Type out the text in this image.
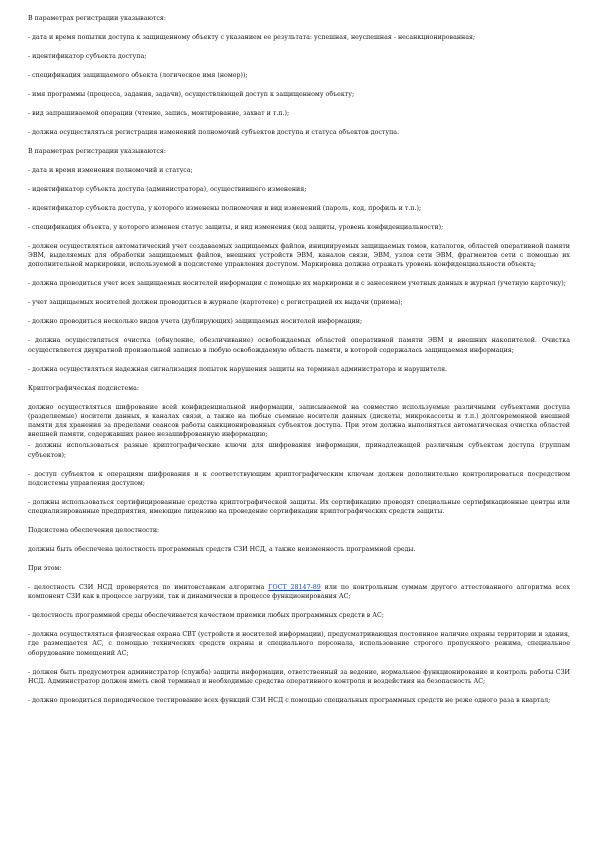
В параметрах регистрации указываются:

- дата и время попытки доступа к защищенному объекту с указанием ее результата: успешная, неуспешная - несанкционированная;

- идентификатор субъекта доступа;

- спецификация защищаемого объекта (логическое имя (номер));

- имя программы (процесса, задания, задачи), осуществляющей доступ к защищенному объекту;

- вид запрашиваемой операции (чтение, запись, монтирование, захват и т.п.);

- должна осуществляться регистрация изменений полномочий субъектов доступа и статуса объектов доступа.

В параметрах регистрации указываются:

- дата и время изменения полномочий и статуса;

- идентификатор субъекта доступа (администратора), осуществившего изменения;

- идентификатор субъекта доступа, у которого изменены полномочия и вид изменений (пароль, код, профиль и т.п.);

- спецификация объекта, у которого изменен статус защиты, и вид изменения (код защиты, уровень конфиденциальности);

- должен осуществляться автоматический учет создаваемых защищаемых файлов, инициируемых защищаемых томов, каталогов, областей оперативной памяти ЭВМ, выделяемых для обработки защищаемых файлов, внешних устройств ЭВМ, каналов связи, ЭВМ, узлов сети ЭВМ, фрагментов сети с помощью их дополнительной маркировки, используемой в подсистеме управления доступом. Маркировка должна отражать уровень конфиденциальности объекта;

- должна проводиться учет всех защищаемых носителей информации с помощью их маркировки и с занесением учетных данных в журнал (учетную карточку);

- учет защищаемых носителей должен проводиться в журнале (картотеке) с регистрацией их выдачи (приема);

- должно проводиться несколько видов учета (дублирующих) защищаемых носителей информации;

- должна осуществляться очистка (обнуление, обезличивание) освобождаемых областей оперативной памяти ЭВМ и внешних накопителей. Очистка осуществляется двукратной произвольной записью в любую освобождаемую область памяти, в которой содержалась защищаемая информация;

- должна осуществляться надежная сигнализация попыток нарушения защиты на терминал администратора и нарушителя.

Криптографическая подсистема:

должно осуществляться шифрование всей конфиденциальной информации, записываемой на совместно используемые различными субъектами доступа (разделяемые) носители данных, в каналах связи, а также на любые съемные носители данных (дискеты, микрокассеты и т.п.) долговременной внешней памяти для хранения за пределами сеансов работы санкционированных субъектов доступа. При этом должна выполняться автоматическая очистка областей внешней памяти, содержавших ранее незашифрованную информацию;

- должны использоваться разные криптографические ключи для шифрования информации, принадлежащей различным субъектам доступа (группам субъектов);

- доступ субъектов к операциям шифрования и к соответствующим криптографическим ключам должен дополнительно контролироваться посредством подсистемы управления доступом;

- должны использоваться сертифицированные средства криптографической защиты. Их сертификацию проводят специальные сертификационные центры или специализированные предприятия, имеющие лицензию на проведение сертификации криптографических средств защиты.

Подсистема обеспечения целостности:

должны быть обеспечена целостность программных средств СЗИ НСД, а также неизменность программной среды.

При этом:

- целостность СЗИ НСД проверяется по имитовставкам алгоритма ГОСТ 28147-89 или по контрольным суммам другого аттестованного алгоритма всех компонент СЗИ как в процессе загрузки, так и динамически в процессе функционирования АС;

- целостность программной среды обеспечивается качеством приемки любых программных средств в АС;

- должна осуществляться физическая охрана СВТ (устройств и носителей информации), предусматривающая постоянное наличие охраны территории и здания, где размещается АС, с помощью технических средств охраны и специального персонала, использование строгого пропускного режима, специальное оборудование помещений АС;

- должен быть предусмотрен администратор (служба) защиты информации, ответственный за ведение, нормальное функционирование и контроль работы СЗИ НСД. Администратор должен иметь свой терминал и необходимые средства оперативного контроля и воздействия на безопасность АС;

- должно проводиться периодическое тестирование всех функций СЗИ НСД с помощью специальных программных средств не реже одного раза в квартал;
